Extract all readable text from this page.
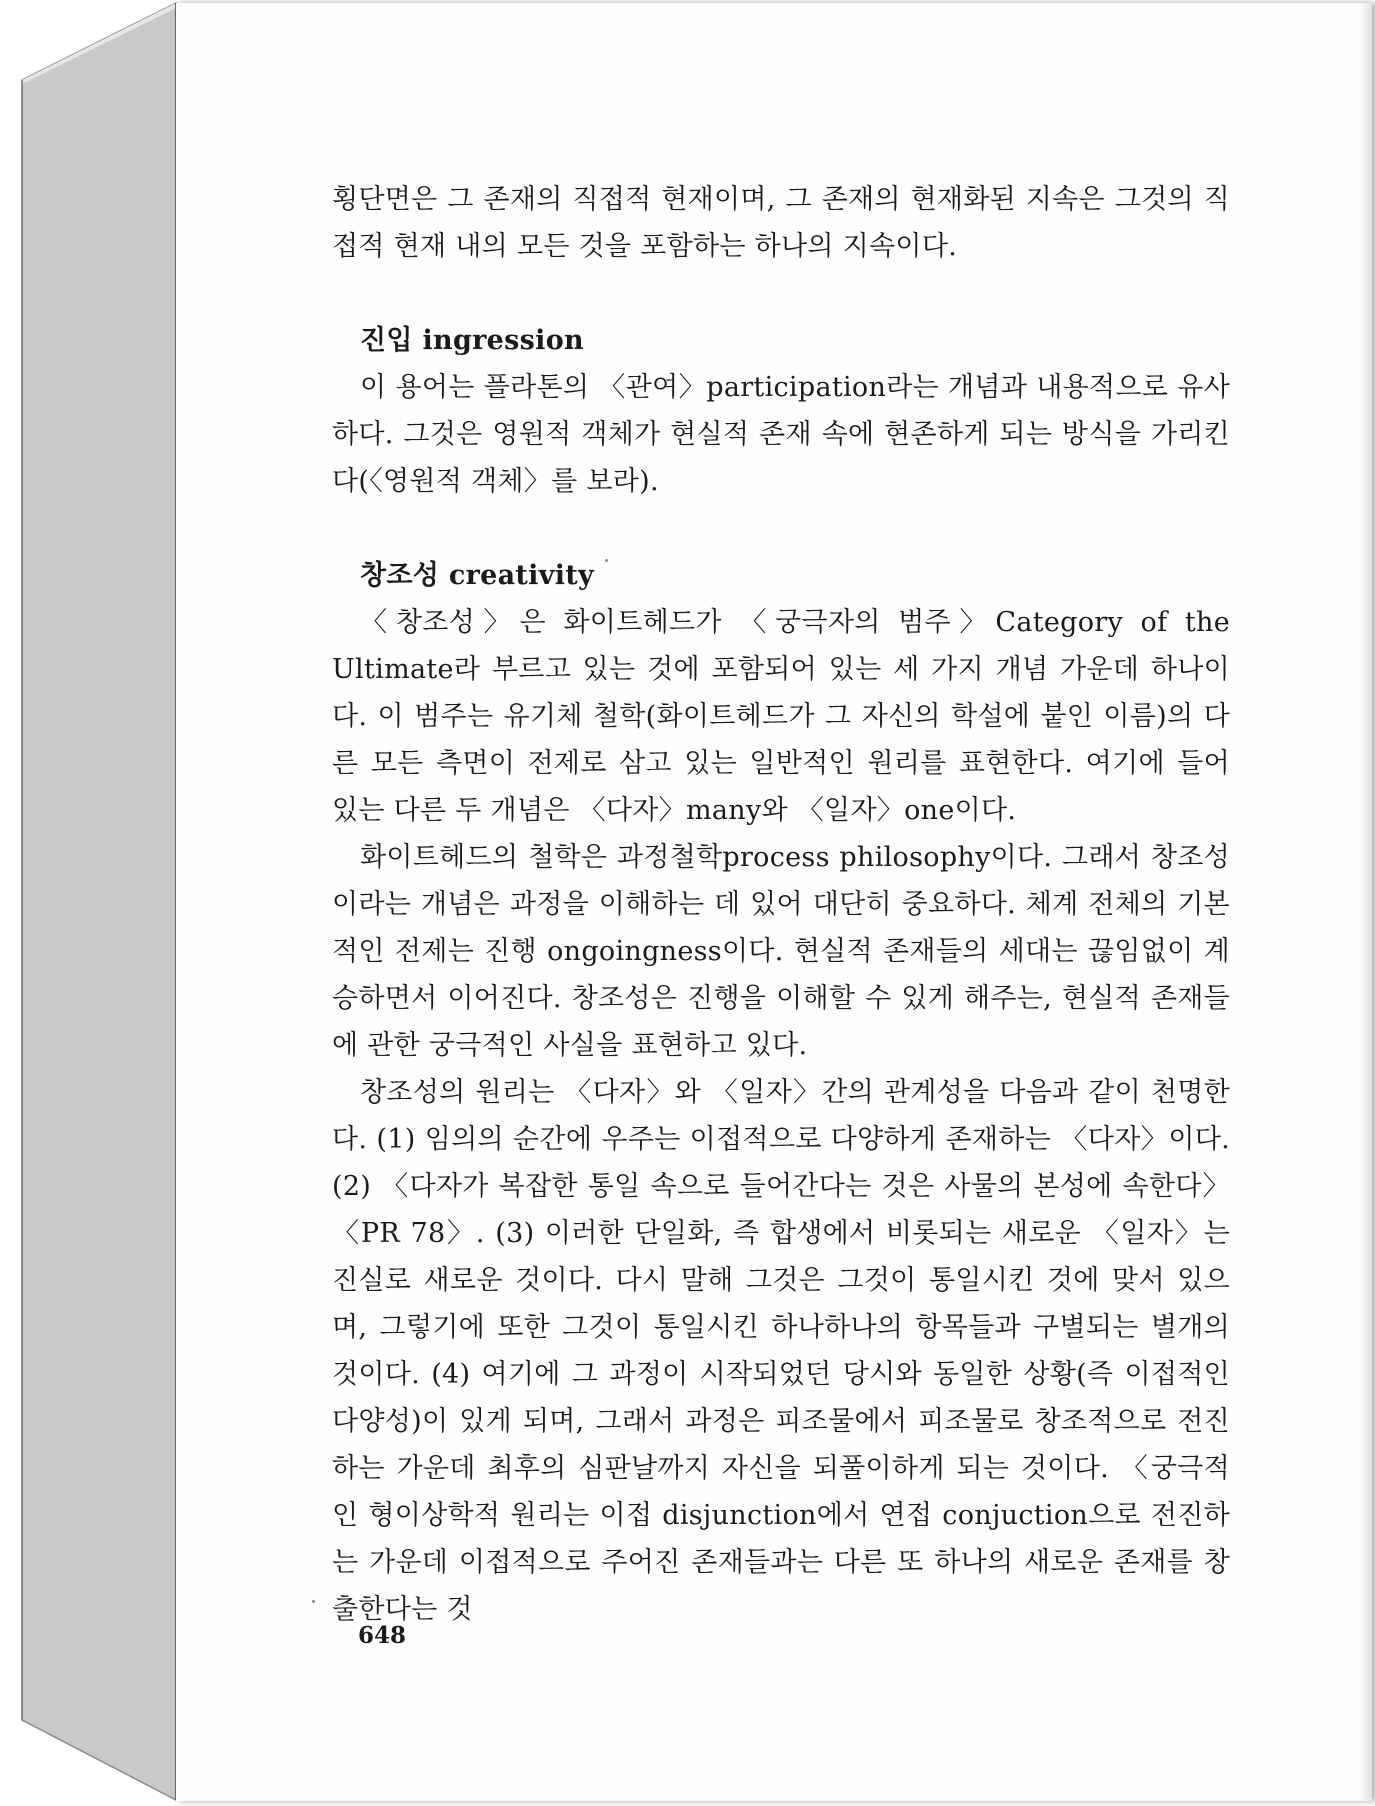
횡단면은 그 존재의 직접적 현재이며, 그 존재의 현재화된 지속은 그것의 직접적 현재 내의 모든 것을 포함하는 하나의 지속이다.

진입 ingression

이 용어는 플라톤의 〈관여〉participation라는 개념과 내용적으로 유사하다. 그것은 영원적 객체가 현실적 존재 속에 현존하게 되는 방식을 가리킨다(〈영원적 객체〉를 보라).

창조성 creativity

〈창조성〉은 화이트헤드가 〈궁극자의 범주〉Category of the Ultimate라 부르고 있는 것에 포함되어 있는 세 가지 개념 가운데 하나이다. 이 범주는 유기체 철학(화이트헤드가 그 자신의 학설에 붙인 이름)의 다른 모든 측면이 전제로 삼고 있는 일반적인 원리를 표현한다. 여기에 들어 있는 다른 두 개념은 〈다자〉many와 〈일자〉one이다.

화이트헤드의 철학은 과정철학process philosophy이다. 그래서 창조성이라는 개념은 과정을 이해하는 데 있어 대단히 중요하다. 체계 전체의 기본적인 전제는 진행 ongoingness이다. 현실적 존재들의 세대는 끊임없이 계승하면서 이어진다. 창조성은 진행을 이해할 수 있게 해주는, 현실적 존재들에 관한 궁극적인 사실을 표현하고 있다.

창조성의 원리는 〈다자〉와 〈일자〉간의 관계성을 다음과 같이 천명한다. (1) 임의의 순간에 우주는 이접적으로 다양하게 존재하는 〈다자〉이다. (2) 〈다자가 복잡한 통일 속으로 들어간다는 것은 사물의 본성에 속한다〉〈PR 78〉. (3) 이러한 단일화, 즉 합생에서 비롯되는 새로운 〈일자〉는 진실로 새로운 것이다. 다시 말해 그것은 그것이 통일시킨 것에 맞서 있으며, 그렇기에 또한 그것이 통일시킨 하나하나의 항목들과 구별되는 별개의 것이다. (4) 여기에 그 과정이 시작되었던 당시와 동일한 상황(즉 이접적인 다양성)이 있게 되며, 그래서 과정은 피조물에서 피조물로 창조적으로 전진하는 가운데 최후의 심판날까지 자신을 되풀이하게 되는 것이다. 〈궁극적인 형이상학적 원리는 이접 disjunction에서 연접 conjuction으로 전진하는 가운데 이접적으로 주어진 존재들과는 다른 또 하나의 새로운 존재를 창출한다는 것

648
